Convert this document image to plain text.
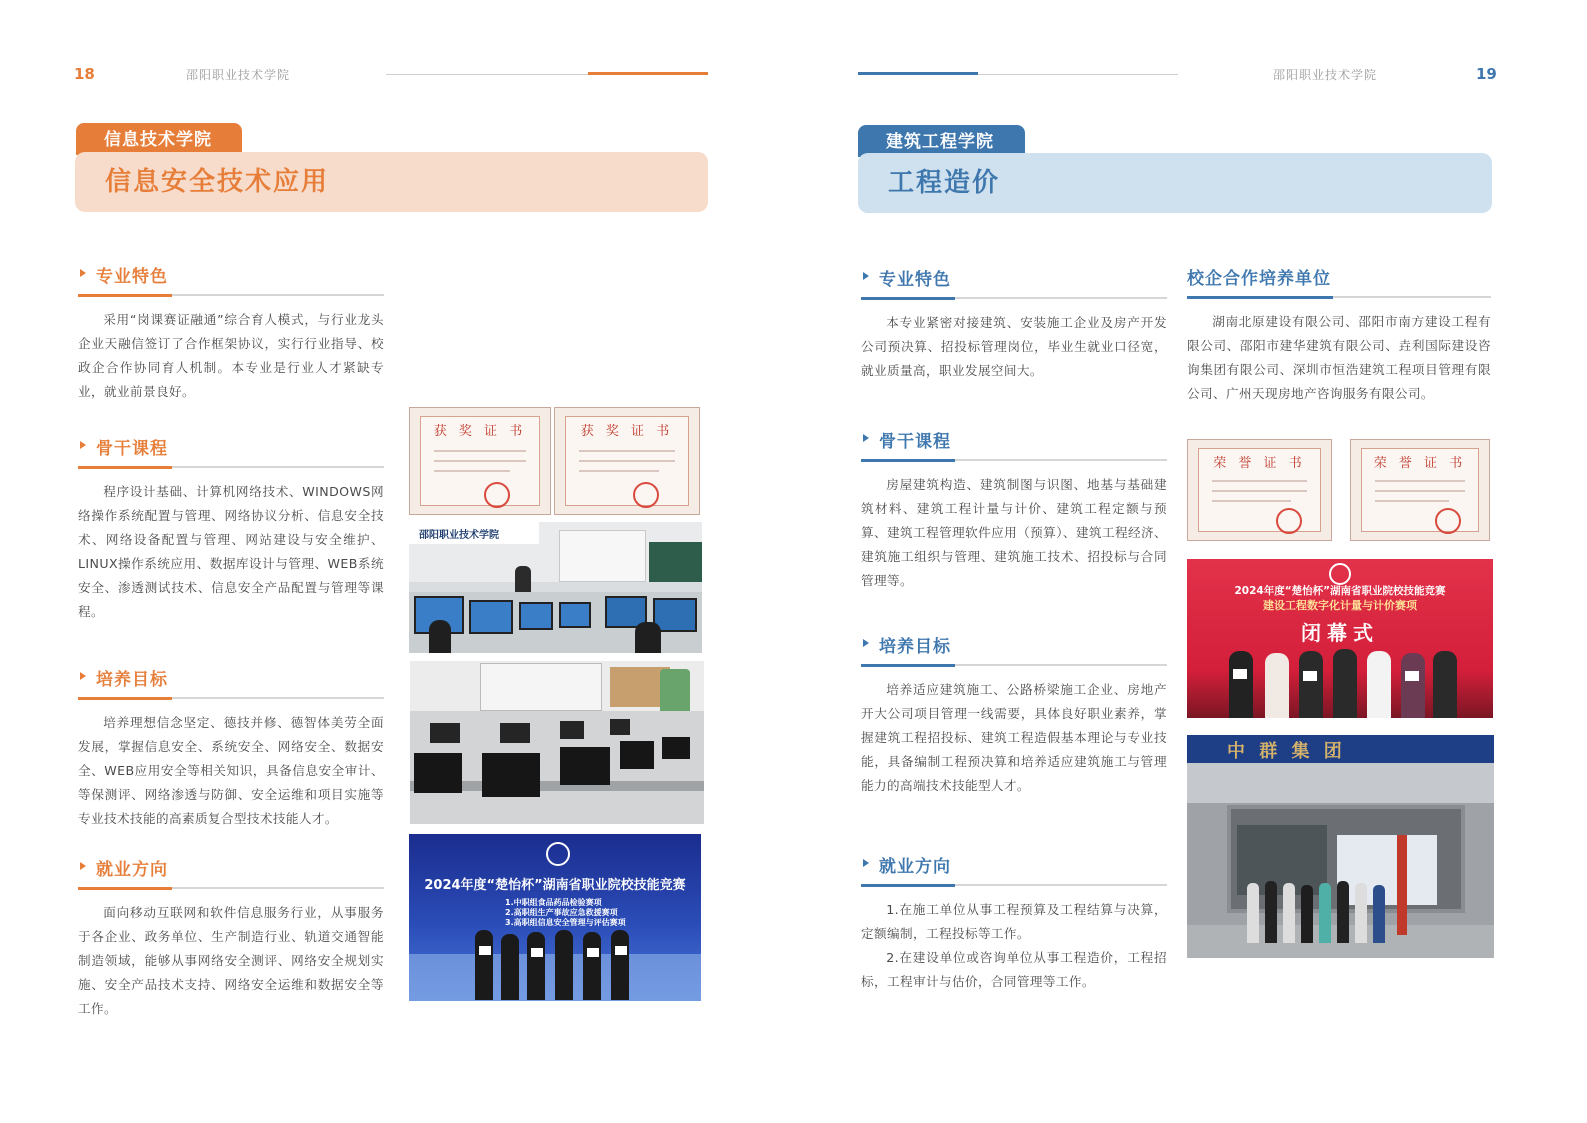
18	邵阳职业技术学院
信息技术学院
信息安全技术应用
专业特色

采用“岗课赛证融通”综合育人模式，与行业龙头企业天融信签订了合作框架协议，实行行业指导、校政企合作协同育人机制。本专业是行业人才紧缺专业，就业前景良好。

骨干课程

程序设计基础、计算机网络技术、WINDOWS网络操作系统配置与管理、网络协议分析、信息安全技术、网络设备配置与管理、网站建设与安全维护、LINUX操作系统应用、数据库设计与管理、WEB系统安全、渗透测试技术、信息安全产品配置与管理等课程。

培养目标

培养理想信念坚定、德技并修、德智体美劳全面发展，掌握信息安全、系统安全、网络安全、数据安全、WEB应用安全等相关知识，具备信息安全审计、等保测评、网络渗透与防御、安全运维和项目实施等专业技术技能的高素质复合型技术技能人才。

就业方向

面向移动互联网和软件信息服务行业，从事服务于各企业、政务单位、生产制造行业、轨道交通智能制造领域，能够从事网络安全测评、网络安全规划实施、安全产品技术支持、网络安全运维和数据安全等工作。

获 奖 证 书	获 奖 证 书
邵阳职业技术学院
2024年度“楚怡杯”湖南省职业院校技能竞赛
1.中职组食品药品检验赛项
2.高职组生产事故应急救援赛项
3.高职组信息安全管理与评估赛项
邵阳职业技术学院	19
建筑工程学院
工程造价
专业特色

本专业紧密对接建筑、安装施工企业及房产开发公司预决算、招投标管理岗位，毕业生就业口径宽，就业质量高，职业发展空间大。

骨干课程

房屋建筑构造、建筑制图与识图、地基与基础建筑材料、建筑工程计量与计价、建筑工程定额与预算、建筑工程管理软件应用（预算）、建筑工程经济、建筑施工组织与管理、建筑施工技术、招投标与合同管理等。

培养目标

培养适应建筑施工、公路桥梁施工企业、房地产开大公司项目管理一线需要，具体良好职业素养，掌握建筑工程招投标、建筑工程造假基本理论与专业技能，具备编制工程预决算和培养适应建筑施工与管理能力的高端技术技能型人才。

就业方向

1.在施工单位从事工程预算及工程结算与决算，定额编制，工程投标等工作。

2.在建设单位或咨询单位从事工程造价，工程招标，工程审计与估价，合同管理等工作。

校企合作培养单位

湖南北原建设有限公司、邵阳市南方建设工程有限公司、邵阳市建华建筑有限公司、垚利国际建设咨询集团有限公司、深圳市恒浩建筑工程项目管理有限公司、广州天现房地产咨询服务有限公司。

荣 誉 证 书	荣 誉 证 书
2024年度“楚怡杯”湖南省职业院校技能竞赛
建设工程数字化计量与计价赛项
闭幕式
中 群 集 团
